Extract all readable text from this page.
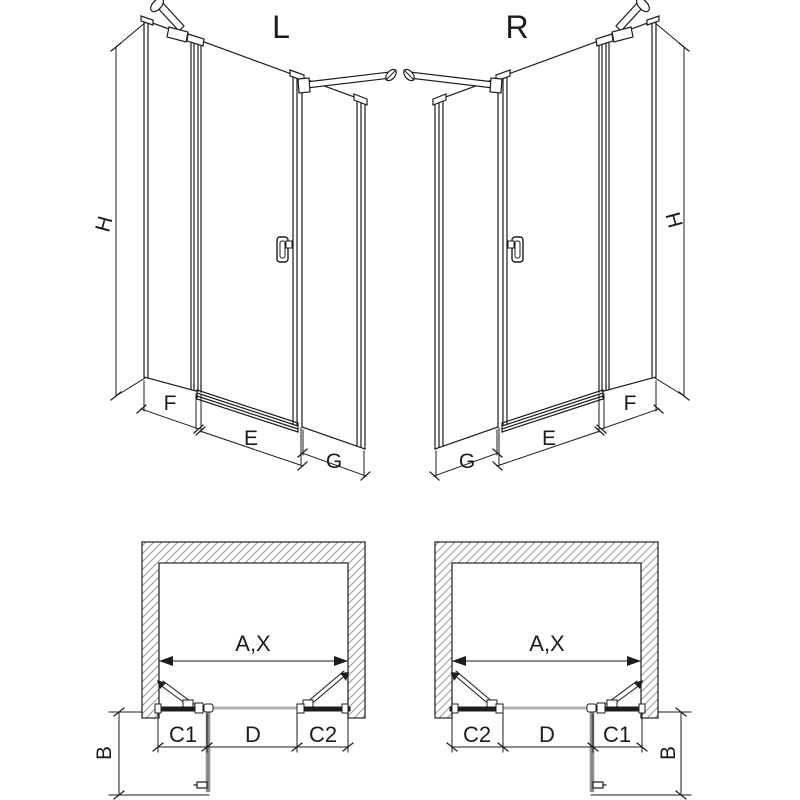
L	R
H	H
F
E
G	G
E
F
A,X	A,X
C1 D C2	C2 D C1
B	B
